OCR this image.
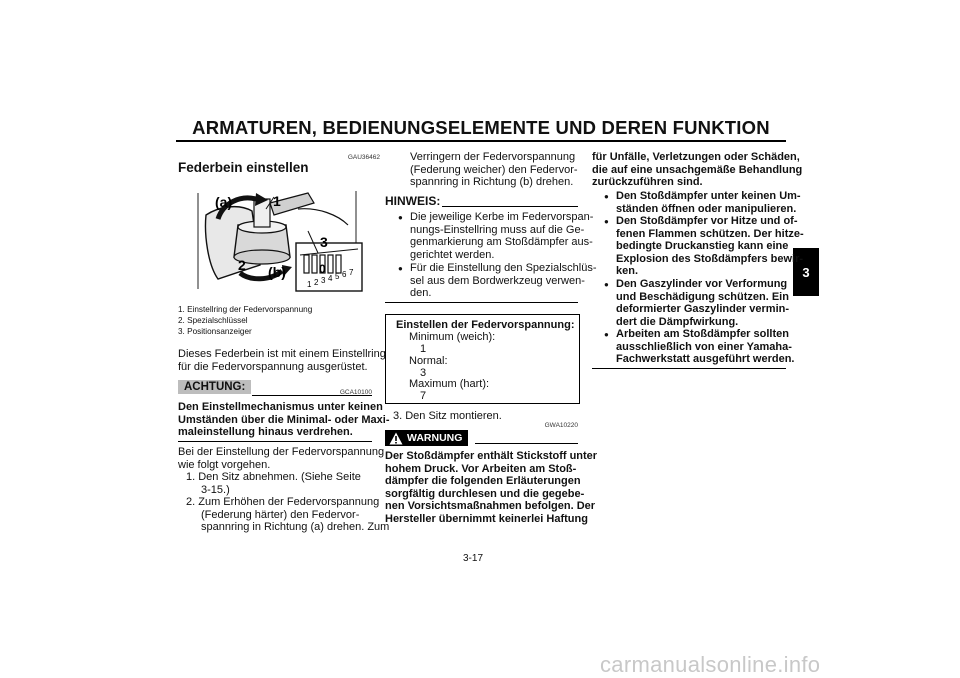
ARMATUREN, BEDIENUNGSELEMENTE UND DEREN FUNKTION
3
GAU36462
Federbein einstellen
(a)	1
3
2 (b)	0
1 2 3 4 5 6 7
1. Einstellring der Federvorspannung
2. Spezialschlüssel
3. Positionsanzeiger
Dieses Federbein ist mit einem Einstellring
für die Federvorspannung ausgerüstet.
ACHTUNG:	GCA10100
Den Einstellmechanismus unter keinen
Umständen über die Minimal- oder Maxi-
maleinstellung hinaus verdrehen.
Bei der Einstellung der Federvorspannung
wie folgt vorgehen.
1. Den Sitz abnehmen. (Siehe Seite
3-15.)
2. Zum Erhöhen der Federvorspannung
(Federung härter) den Federvor-
spannring in Richtung (a) drehen. Zum
Verringern der Federvorspannung
(Federung weicher) den Federvor-
spannring in Richtung (b) drehen.
HINWEIS:
● Die jeweilige Kerbe im Federvorspan-
nungs-Einstellring muss auf die Ge-
genmarkierung am Stoßdämpfer aus-
gerichtet werden.
● Für die Einstellung den Spezialschlüs-
sel aus dem Bordwerkzeug verwen-
den.
Einstellen der Federvorspannung:
Minimum (weich):
1
Normal:
3
Maximum (hart):
7
3. Den Sitz montieren.
GWA10220
WARNUNG
Der Stoßdämpfer enthält Stickstoff unter
hohem Druck. Vor Arbeiten am Stoß-
dämpfer die folgenden Erläuterungen
sorgfältig durchlesen und die gegebe-
nen Vorsichtsmaßnahmen befolgen. Der
Hersteller übernimmt keinerlei Haftung
für Unfälle, Verletzungen oder Schäden,
die auf eine unsachgemäße Behandlung
zurückzuführen sind.
● Den Stoßdämpfer unter keinen Um-
ständen öffnen oder manipulieren.
● Den Stoßdämpfer vor Hitze und of-
fenen Flammen schützen. Der hitze-
bedingte Druckanstieg kann eine
Explosion des Stoßdämpfers bewir-
ken.
● Den Gaszylinder vor Verformung
und Beschädigung schützen. Ein
deformierter Gaszylinder vermin-
dert die Dämpfwirkung.
● Arbeiten am Stoßdämpfer sollten
ausschließlich von einer Yamaha-
Fachwerkstatt ausgeführt werden.
3-17
carmanualsonline.info
